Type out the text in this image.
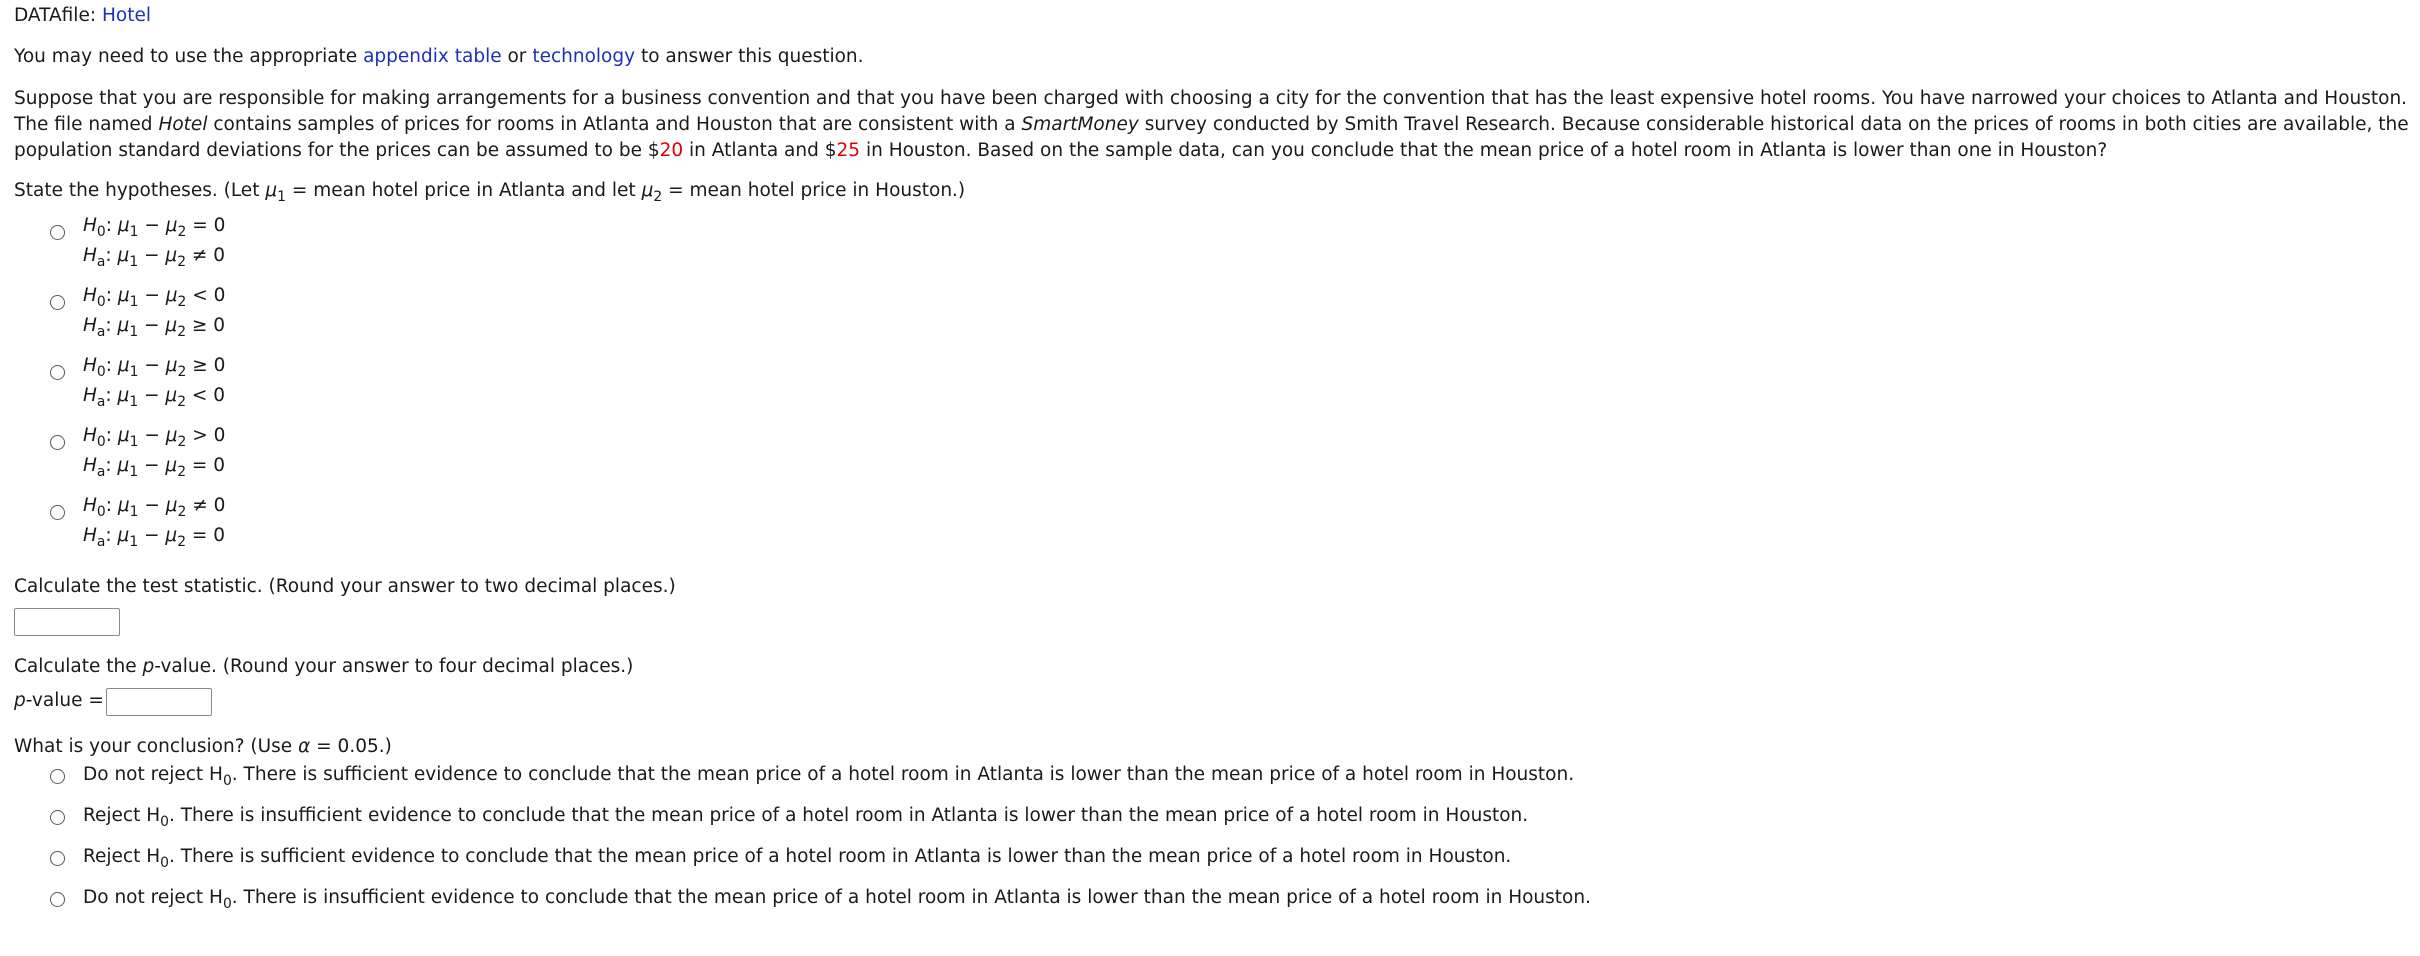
DATAfile: Hotel
You may need to use the appropriate appendix table or technology to answer this question.
Suppose that you are responsible for making arrangements for a business convention and that you have been charged with choosing a city for the convention that has the least expensive hotel rooms. You have narrowed your choices to Atlanta and Houston. The file named Hotel contains samples of prices for rooms in Atlanta and Houston that are consistent with a SmartMoney survey conducted by Smith Travel Research. Because considerable historical data on the prices of rooms in both cities are available, the population standard deviations for the prices can be assumed to be $20 in Atlanta and $25 in Houston. Based on the sample data, can you conclude that the mean price of a hotel room in Atlanta is lower than one in Houston?
State the hypotheses. (Let $\mu_1$ = mean hotel price in Atlanta and let $\mu_2$ = mean hotel price in Houston.)
$H_0$: $\mu_1 - \mu_2 = 0$
$H_a$: $\mu_1 - \mu_2 \ne 0$
$H_0$: $\mu_1 - \mu_2 < 0$
$H_a$: $\mu_1 - \mu_2 \ge 0$
$H_0$: $\mu_1 - \mu_2 \ge 0$
$H_a$: $\mu_1 - \mu_2 < 0$
$H_0$: $\mu_1 - \mu_2 > 0$
$H_a$: $\mu_1 - \mu_2 = 0$
$H_0$: $\mu_1 - \mu_2 \ne 0$
$H_a$: $\mu_1 - \mu_2 = 0$
Calculate the test statistic. (Round your answer to two decimal places.)
Calculate the p-value. (Round your answer to four decimal places.)
p-value =
What is your conclusion? (Use α = 0.05.)
Do not reject $H_0$. There is sufficient evidence to conclude that the mean price of a hotel room in Atlanta is lower than the mean price of a hotel room in Houston.
Reject $H_0$. There is insufficient evidence to conclude that the mean price of a hotel room in Atlanta is lower than the mean price of a hotel room in Houston.
Reject $H_0$. There is sufficient evidence to conclude that the mean price of a hotel room in Atlanta is lower than the mean price of a hotel room in Houston.
Do not reject $H_0$. There is insufficient evidence to conclude that the mean price of a hotel room in Atlanta is lower than the mean price of a hotel room in Houston.
